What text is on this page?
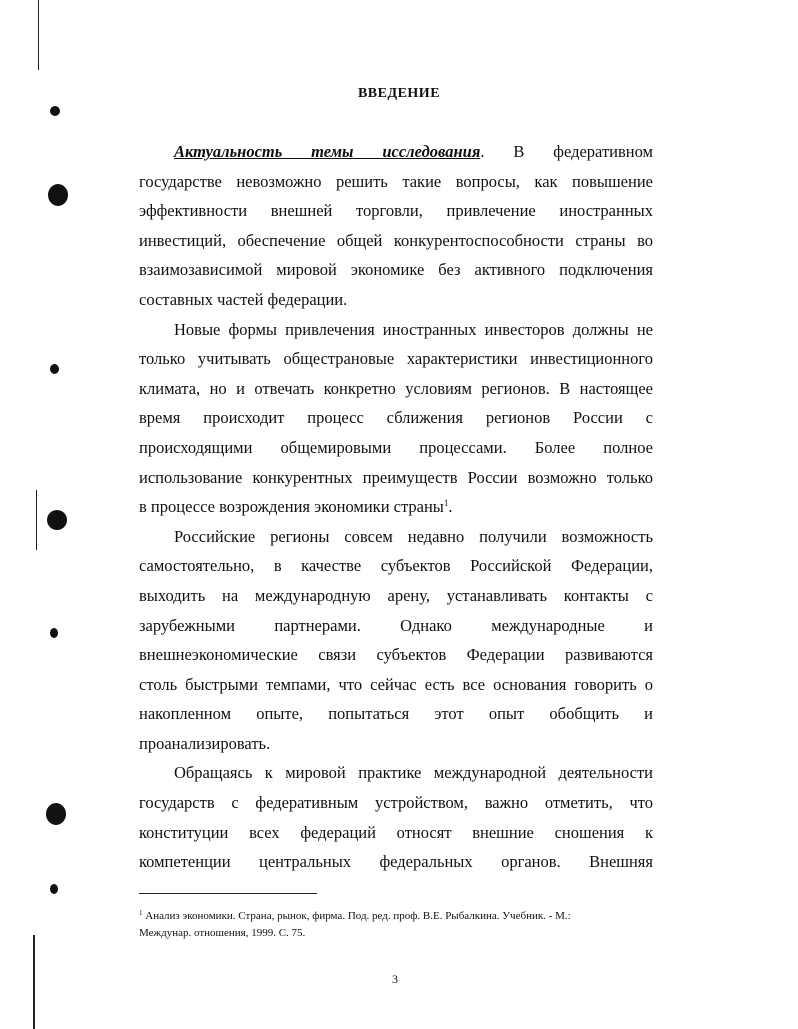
ВВЕДЕНИЕ

Актуальность темы исследования. В федеративном

государстве невозможно решить такие вопросы, как повышение
эффективности внешней торговли, привлечение иностранных
инвестиций, обеспечение общей конкурентоспособности страны во
взаимозависимой мировой экономике без активного подключения
составных частей федерации.
Новые формы привлечения иностранных инвесторов должны не
только учитывать общестрановые характеристики инвестиционного
климата, но и отвечать конкретно условиям регионов. В настоящее
время происходит процесс сближения регионов России с
происходящими общемировыми процессами. Более полное
использование конкурентных преимуществ России возможно только
в процессе возрождения экономики страны$^1$.
Российские регионы совсем недавно получили возможность
самостоятельно, в качестве субъектов Российской Федерации,
выходить на международную арену, устанавливать контакты с
зарубежными партнерами. Однако международные и
внешнеэкономические связи субъектов Федерации развиваются
столь быстрыми темпами, что сейчас есть все основания говорить о
накопленном опыте, попытаться этот опыт обобщить и
проанализировать.
Обращаясь к мировой практике международной деятельности
государств с федеративным устройством, важно отметить, что
конституции всех федераций относят внешние сношения к
компетенции центральных федеральных органов. Внешняя
$^1$ Анализ экономики. Страна, рынок, фирма. Под. ред. проф. В.Е. Рыбалкина. Учебник. - М.:
Междунар. отношения, 1999. С. 75.
3
